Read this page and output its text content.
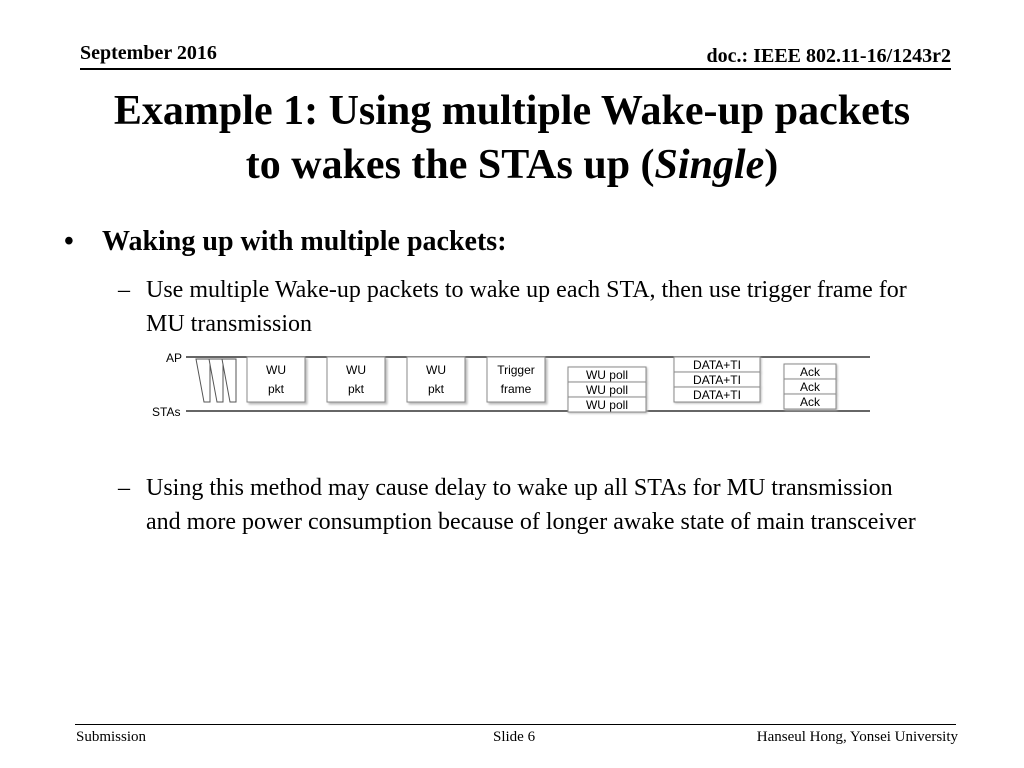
September 2016	doc.: IEEE 802.11-16/1243r2
Example 1: Using multiple Wake-up packets
to wakes the STAs up (Single)
• Waking up with multiple packets:
– Use multiple Wake-up packets to wake up each STA, then use trigger frame for MU transmission
AP
STAs
WU
pkt
WU
pkt
WU
pkt
Trigger
frame
WU poll
WU poll
WU poll
DATA+TI
DATA+TI
DATA+TI
Ack
Ack
Ack
– Using this method may cause delay to wake up all STAs for MU transmission and more power consumption because of longer awake state of main transceiver
Submission	Slide 6	Hanseul Hong, Yonsei University
